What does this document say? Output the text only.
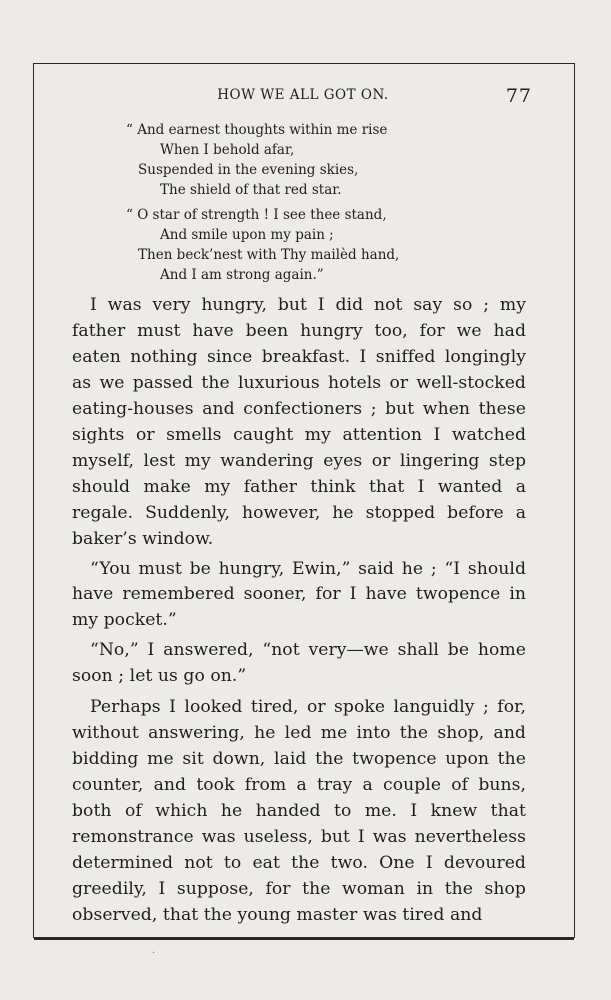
HOW WE ALL GOT ON.	77
“ And earnest thoughts within me rise
When I behold afar,
Suspended in the evening skies,
The shield of that red star.
“ O star of strength ! I see thee stand,
And smile upon my pain ;
Then beck’nest with Thy mailèd hand,
And I am strong again.”

I was very hungry, but I did not say so ; my father must have been hungry too, for we had eaten nothing since breakfast. I sniffed longingly as we passed the luxurious hotels or well-stocked eating-houses and confectioners ; but when these sights or smells caught my attention I watched myself, lest my wandering eyes or lingering step should make my father think that I wanted a regale. Suddenly, however, he stopped before a baker’s window.

“You must be hungry, Ewin,” said he ; “I should have remembered sooner, for I have twopence in my pocket.”

“No,” I answered, “not very—we shall be home soon ; let us go on.”

Perhaps I looked tired, or spoke languidly ; for, without answering, he led me into the shop, and bidding me sit down, laid the twopence upon the counter, and took from a tray a couple of buns, both of which he handed to me. I knew that remonstrance was useless, but I was nevertheless determined not to eat the two. One I devoured greedily, I suppose, for the woman in the shop observed, that the young master was tired and

·
